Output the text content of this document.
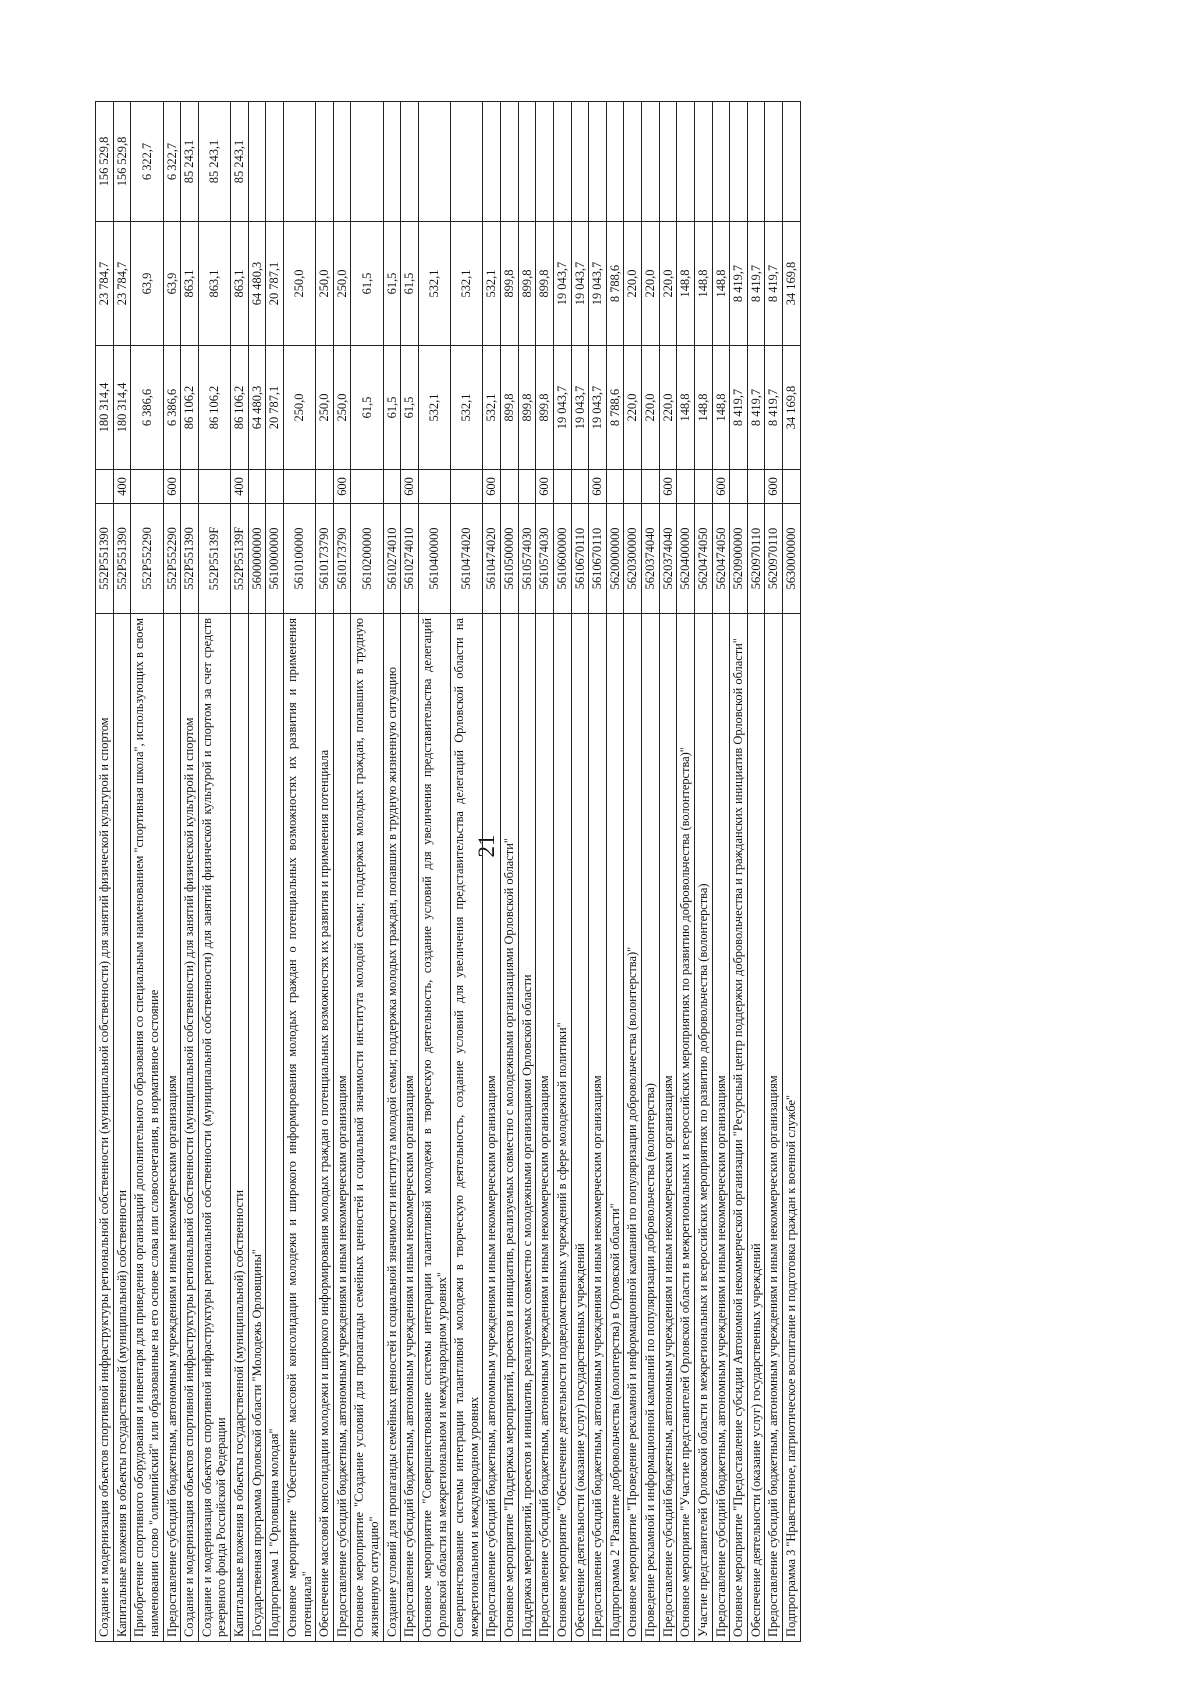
21
Создание и модернизация объектов спортивной инфраструктуры региональной собственности (муниципальной собственности) для занятий физической культурой и спортом	552P551390		180 314,4	23 784,7	156 529,8
Капитальные вложения в объекты государственной (муниципальной) собственности	552P551390	400	180 314,4	23 784,7	156 529,8
Приобретение спортивного оборудования и инвентаря для приведения организаций дополнительного образования со специальным наименованием "спортивная школа", использующих в своем наименовании слово "олимпийский" или образованные на его основе слова или словосочетания, в нормативное состояние	552P552290		6 386,6	63,9	6 322,7
Предоставление субсидий бюджетным, автономным учреждениям и иным некоммерческим организациям	552P552290	600	6 386,6	63,9	6 322,7
Создание и модернизация объектов спортивной инфраструктуры региональной собственности (муниципальной собственности) для занятий физической культурой и спортом	552P551390		86 106,2	863,1	85 243,1
Создание и модернизация объектов спортивной инфраструктуры региональной собственности (муниципальной собственности) для занятий физической культурой и спортом за счет средств резервного фонда Российской Федерации	552P55139F		86 106,2	863,1	85 243,1
Капитальные вложения в объекты государственной (муниципальной) собственности	552P55139F	400	86 106,2	863,1	85 243,1
Государственная программа Орловской области "Молодежь Орловщины"	5600000000		64 480,3	64 480,3	
Подпрограмма 1 "Орловщина молодая"	5610000000		20 787,1	20 787,1	
Основное мероприятие "Обеспечение массовой консолидации молодежи и широкого информирования молодых граждан о потенциальных возможностях их развития и применения потенциала"	5610100000		250,0	250,0	
Обеспечение массовой консолидации молодежи и широкого информирования молодых граждан о потенциальных возможностях их развития и применения потенциала	5610173790		250,0	250,0	
Предоставление субсидий бюджетным, автономным учреждениям и иным некоммерческим организациям	5610173790	600	250,0	250,0	
Основное мероприятие "Создание условий для пропаганды семейных ценностей и социальной значимости института молодой семьи; поддержка молодых граждан, попавших в трудную жизненную ситуацию"	5610200000		61,5	61,5	
Создание условий для пропаганды семейных ценностей и социальной значимости института молодой семьи; поддержка молодых граждан, попавших в трудную жизненную ситуацию	5610274010		61,5	61,5	
Предоставление субсидий бюджетным, автономным учреждениям и иным некоммерческим организациям	5610274010	600	61,5	61,5	
Основное мероприятие "Совершенствование системы интеграции талантливой молодежи в творческую деятельность, создание условий для увеличения представительства делегаций Орловской области на межрегиональном и международном уровнях"	5610400000		532,1	532,1	
Совершенствование системы интеграции талантливой молодежи в творческую деятельность, создание условий для увеличения представительства делегаций Орловской области на межрегиональном и международном уровнях	5610474020		532,1	532,1	
Предоставление субсидий бюджетным, автономным учреждениям и иным некоммерческим организациям	5610474020	600	532,1	532,1	
Основное мероприятие "Поддержка мероприятий, проектов и инициатив, реализуемых совместно с молодежными организациями Орловской области"	5610500000		899,8	899,8	
Поддержка мероприятий, проектов и инициатив, реализуемых совместно с молодежными организациями Орловской области	5610574030		899,8	899,8	
Предоставление субсидий бюджетным, автономным учреждениям и иным некоммерческим организациям	5610574030	600	899,8	899,8	
Основное мероприятие "Обеспечение деятельности подведомственных учреждений в сфере молодежной политики"	5610600000		19 043,7	19 043,7	
Обеспечение деятельности (оказание услуг) государственных учреждений	5610670110		19 043,7	19 043,7	
Предоставление субсидий бюджетным, автономным учреждениям и иным некоммерческим организациям	5610670110	600	19 043,7	19 043,7	
Подпрограмма 2 "Развитие добровольчества (волонтерства) в Орловской области"	5620000000		8 788,6	8 788,6	
Основное мероприятие "Проведение рекламной и информационной кампаний по популяризации добровольчества (волонтерства)"	5620300000		220,0	220,0	
Проведение рекламной и информационной кампаний по популяризации добровольчества (волонтерства)	5620374040		220,0	220,0	
Предоставление субсидий бюджетным, автономным учреждениям и иным некоммерческим организациям	5620374040	600	220,0	220,0	
Основное мероприятие "Участие представителей Орловской области в межрегиональных и всероссийских мероприятиях по развитию добровольчества (волонтерства)"	5620400000		148,8	148,8	
Участие представителей Орловской области в межрегиональных и всероссийских мероприятиях по развитию добровольчества (волонтерства)	5620474050		148,8	148,8	
Предоставление субсидий бюджетным, автономным учреждениям и иным некоммерческим организациям	5620474050	600	148,8	148,8	
Основное мероприятие "Предоставление субсидии Автономной некоммерческой организации "Ресурсный центр поддержки добровольчества и гражданских инициатив Орловской области"	5620900000		8 419,7	8 419,7	
Обеспечение деятельности (оказание услуг) государственных учреждений	5620970110		8 419,7	8 419,7	
Предоставление субсидий бюджетным, автономным учреждениям и иным некоммерческим организациям	5620970110	600	8 419,7	8 419,7	
Подпрограмма 3 "Нравственное, патриотическое воспитание и подготовка граждан к военной службе"	5630000000		34 169,8	34 169,8	
